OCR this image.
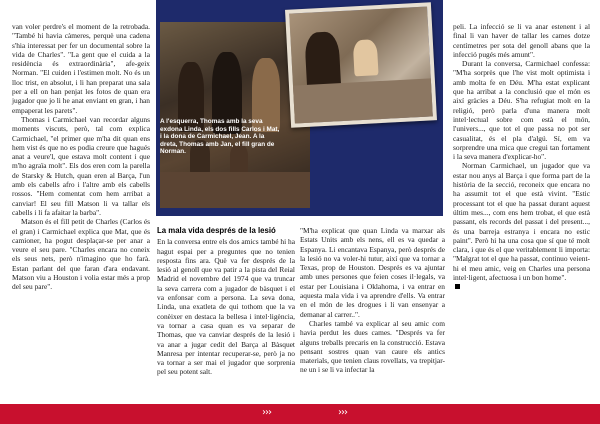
van voler perdre's el moment de la retrobada. "També hi havia càmeres, perquè una cadena s'hia interessat per fer un documental sobre la vida de Charles". "La gent que el cuida a la residència és extraordinària", afe-geix Norman. "El cuiden i l'estimen molt. No és un lloc trist, en absolut, i li han preparat una sala per a ell on han penjat les fotos de quan era jugador que jo li he anat enviant en gran, i han empaperat les parets".

Thomas i Carmichael van recordar alguns moments viscuts, però, tal com explica Carmichael, "el primer que m'ha dit quan ens hem vist és que no es podia creure que hagués anat a veure'l, que estava molt content i que m'ho agraïa molt". Els dos eren com la parella de Starsky & Hutch, quan eren al Barça, l'un amb els cabells afro i l'altre amb els cabells rossos. "Hem comentat com hem arribat a canviar! El seu fill Matson li va tallar els cabells i li fa afaitar la barba".

Matson és el fill petit de Charles (Carlos és el gran) i Carmichael explica que Mat, que és camioner, ha pogut desplaçar-se per anar a veure el seu pare. "Charles encara no coneix els seus nets, però n'imagino que ho farà. Estan parlant del que faran d'ara endavant. Matson viu a Houston i volia estar més a prop del seu pare".

A l'esquerra, Thomas amb la seva exdona Linda, els dos fills Carlos i Mat, i la dona de Carmichael, Jean. A la dreta, Thomas amb Jan, el fill gran de Norman.
La mala vida després de la lesió

En la conversa entre els dos amics també hi ha hagut espai per a preguntes que no tenien resposta fins ara. Què va fer després de la lesió al genoll que va patir a la pista del Reial Madrid el novembre del 1974 que va truncar la seva carrera com a jugador de bàsquet i el va enfonsar com a persona. La seva dona, Linda, una exatleta de qui tothom que la va conèixer en destaca la bellesa i intel·ligència, va tornar a casa quan es va separar de Thomas, que va canviar després de la lesió i va anar a jugar cedit del Barça al Bàsquet Manresa per intentar recuperar-se, però ja no va tornar a ser mai el jugador que sorprenia pel seu potent salt.

"M'ha explicat que quan Linda va marxar als Estats Units amb els nens, ell es va quedar a Espanya. Li encantava Espanya, però després de la lesió no va voler-hi tutur, així que va tornar a Texas, prop de Houston. Després es va ajuntar amb unes persones que feien coses il·legals, va estar per Louisiana i Oklahoma, i va entrar en aquesta mala vida i va aprendre d'ells. Va entrar en el món de les drogues i li van ensenyar a demanar al carrer..".

Charles també va explicar al seu amic com havia perdut les dues cames. "Després va fer alguns treballs precaris en la construcció. Estava pensant sostres quan van caure els antics materials, que tenien claus rovellats, va trepitjar-ne un i se li va infectar la

peli. La infecció se li va anar estenent i al final li van haver de tallar les cames dotze centímetres per sota del genoll abans que la infecció pugés més amunt".

Durant la conversa, Carmichael confessa: "M'ha sorprès que l'he vist molt optimista i amb molta fe en Déu. M'ha estat explicant que ha arribat a la conclusió que el món es així gràcies a Déu. S'ha refugiat molt en la religió, però parla d'una manera molt intel·lectual sobre com està el món, l'univers..., que tot el que passa no pot ser casualitat, és el pla d'algú. Sí, em va sorprendre una mica que cregui tan fortament i la seva manera d'explicar-ho".

Norman Carmichael, un jugador que va estar nou anys al Barça i que forma part de la història de la secció, reconeix que encara no ha assumit tot el que està vivint. "Estic processant tot el que ha passat durant aquest últim mes..., com ens hem trobat, el que està passant, els records del passat i del present..., és una barreja estranya i encara no estic paint". Però hi ha una cosa que sí que té molt clara, i que és el que veritablement li importa: "Malgrat tot el que ha passat, continuo veient-hi el meu amic, veig en Charles una persona intel·ligent, afectuosa i un bon home".

›››	›››
